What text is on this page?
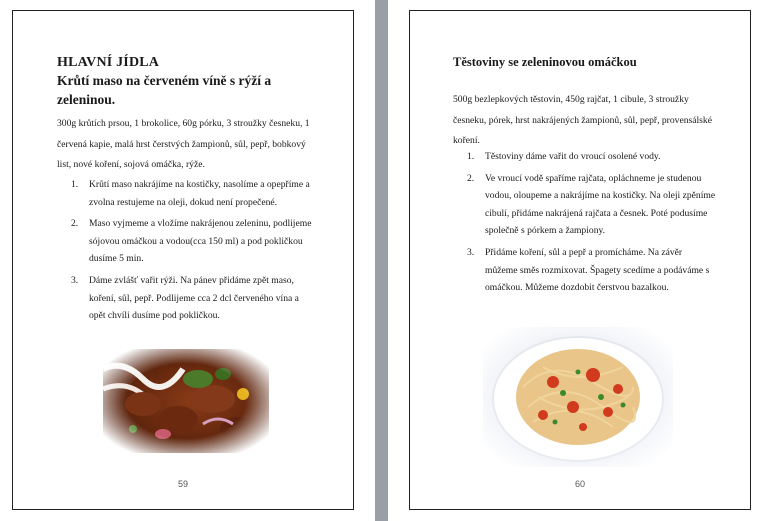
HLAVNÍ JÍDLA
Krůtí maso na červeném víně s rýží a zeleninou.
300g krůtích prsou, 1 brokolice, 60g pórku, 3 stroužky česneku, 1 červená kapie, malá hrst čerstvých žampionů, sůl, pepř, bobkový list, nové koření, sojová omáčka, rýže.
1. Krůtí maso nakrájíme na kostičky, nasolíme a opepříme a zvolna restujeme na oleji, dokud není propečené.
2. Maso vyjmeme a vložíme nakrájenou zeleninu, podlijeme sójovou omáčkou a vodou(cca 150 ml) a pod pokličkou dusíme 5 min.
3. Dáme zvlášť vařit rýži. Na pánev přidáme zpět maso, koření, sůl, pepř. Podlijeme cca 2 dcl červeného vína a opět chvíli dusíme pod pokličkou.
59
Těstoviny se zeleninovou omáčkou
500g bezlepkových těstovin, 450g rajčat, 1 cibule, 3 stroužky česneku, pórek, hrst nakrájených žampionů, sůl, pepř, provensálské koření.
1. Těstoviny dáme vařit do vroucí osolené vody.
2. Ve vroucí vodě spaříme rajčata, opláchneme je studenou vodou, oloupeme a nakrájíme na kostičky. Na oleji zpěníme cibulí, přidáme nakrájená rajčata a česnek. Poté podusíme společně s pórkem a žampiony.
3. Přidáme koření, sůl a pepř a promícháme. Na závěr můžeme směs rozmixovat. Špagety scedíme a podáváme s omáčkou. Můžeme dozdobit čerstvou bazalkou.
60
